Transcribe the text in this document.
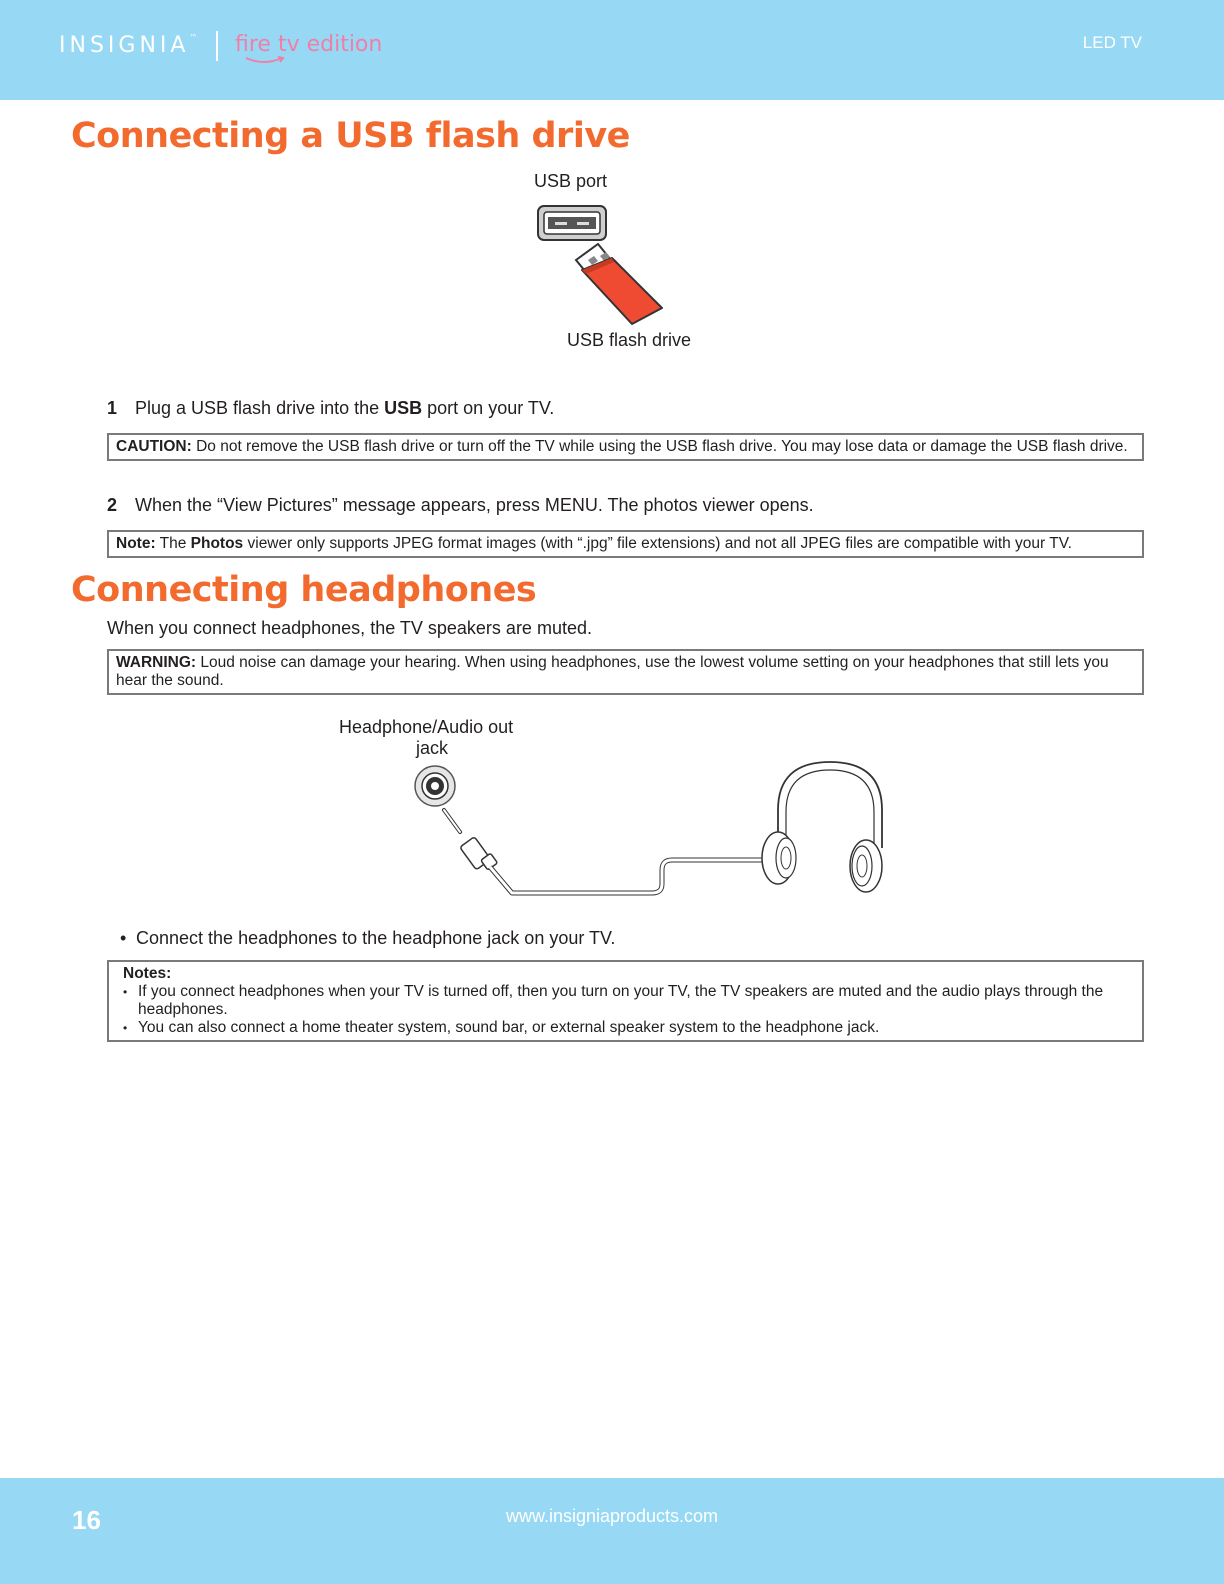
INSIGNIA™ fire tv edition	LED TV
Connecting a USB flash drive
USB port
USB flash drive
1 Plug a USB flash drive into the USB port on your TV.
CAUTION: Do not remove the USB flash drive or turn off the TV while using the USB flash drive. You may lose data or damage the USB flash drive.
2 When the “View Pictures” message appears, press MENU. The photos viewer opens.
Note: The Photos viewer only supports JPEG format images (with “.jpg” file extensions) and not all JPEG files are compatible with your TV.
Connecting headphones
When you connect headphones, the TV speakers are muted.
WARNING: Loud noise can damage your hearing. When using headphones, use the lowest volume setting on your headphones that still lets you hear the sound.
Headphone/Audio out
jack
• Connect the headphones to the headphone jack on your TV.
Notes:
• If you connect headphones when your TV is turned off, then you turn on your TV, the TV speakers are muted and the audio plays through the headphones.
• You can also connect a home theater system, sound bar, or external speaker system to the headphone jack.
16	www.insigniaproducts.com
